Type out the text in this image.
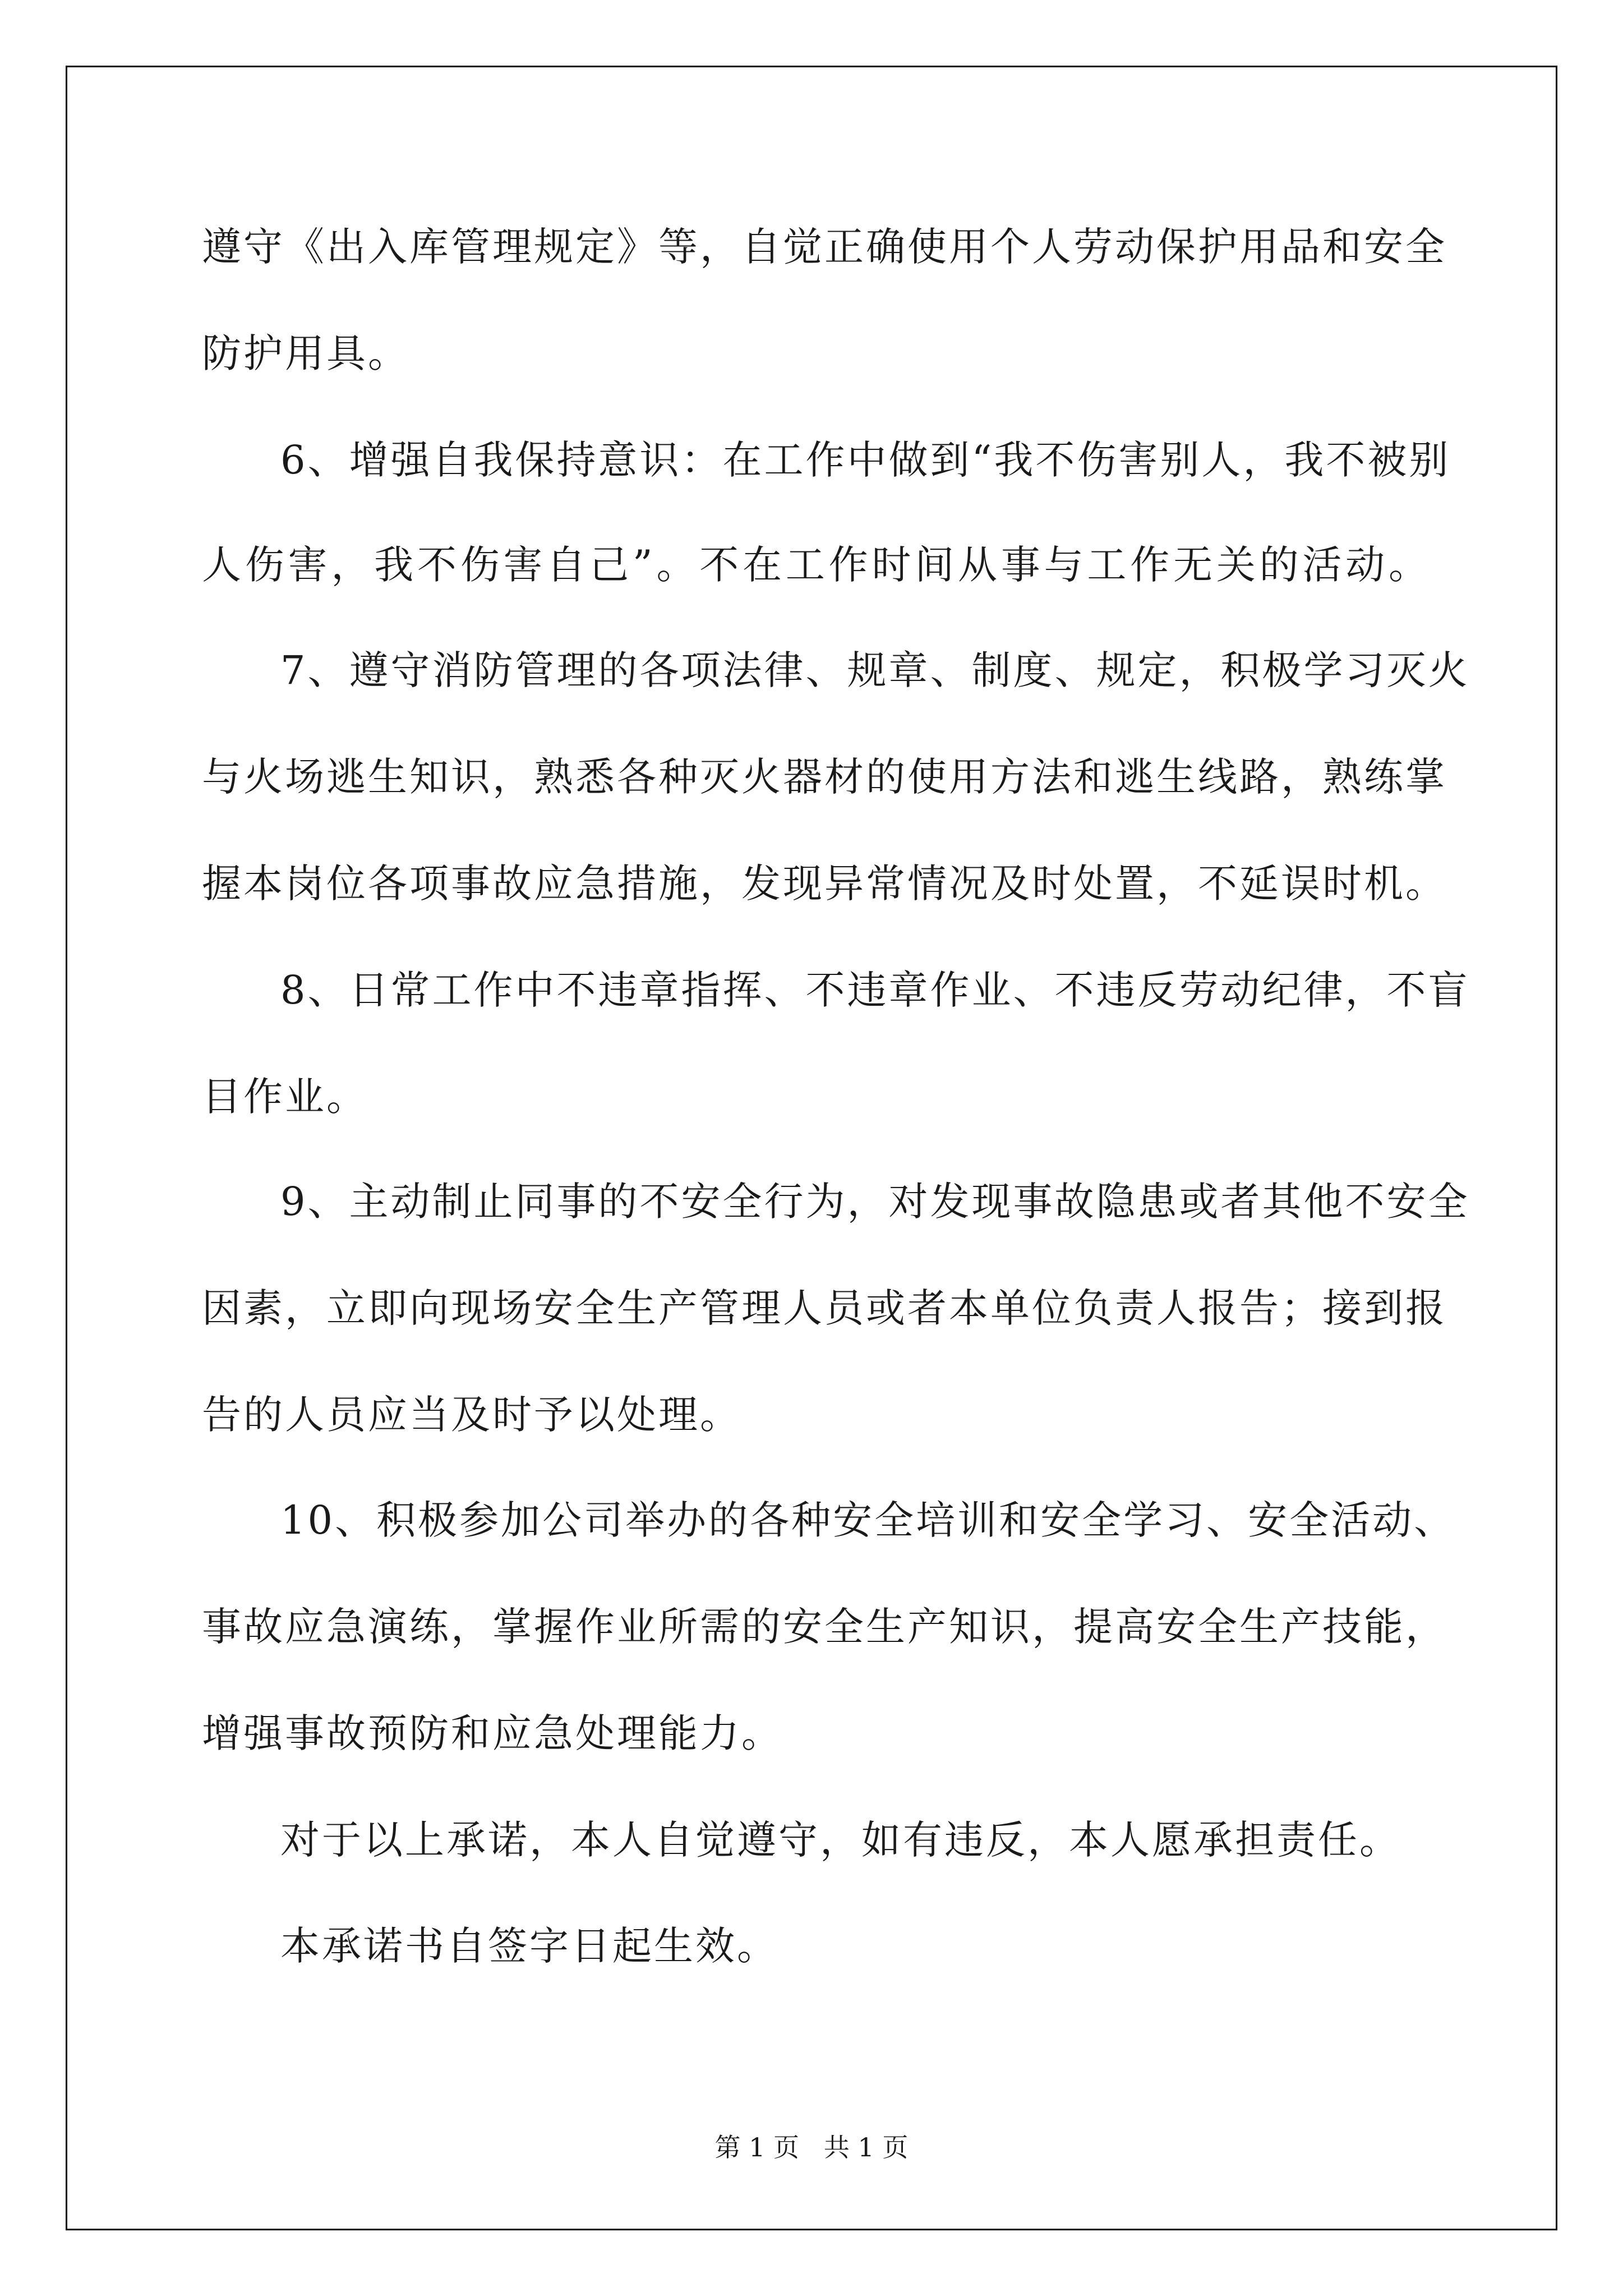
遵守《出入库管理规定》等，自觉正确使用个人劳动保护用品和安全
防护用具。
6、增强自我保持意识：在工作中做到“我不伤害别人，我不被别
人伤害，我不伤害自己”。不在工作时间从事与工作无关的活动。
7、遵守消防管理的各项法律、规章、制度、规定，积极学习灭火
与火场逃生知识，熟悉各种灭火器材的使用方法和逃生线路，熟练掌
握本岗位各项事故应急措施，发现异常情况及时处置，不延误时机。
8、日常工作中不违章指挥、不违章作业、不违反劳动纪律，不盲
目作业。
9、主动制止同事的不安全行为，对发现事故隐患或者其他不安全
因素，立即向现场安全生产管理人员或者本单位负责人报告；接到报
告的人员应当及时予以处理。
10、积极参加公司举办的各种安全培训和安全学习、安全活动、
事故应急演练，掌握作业所需的安全生产知识，提高安全生产技能，
增强事故预防和应急处理能力。
对于以上承诺，本人自觉遵守，如有违反，本人愿承担责任。
本承诺书自签字日起生效。
第 1 页   共 1 页
